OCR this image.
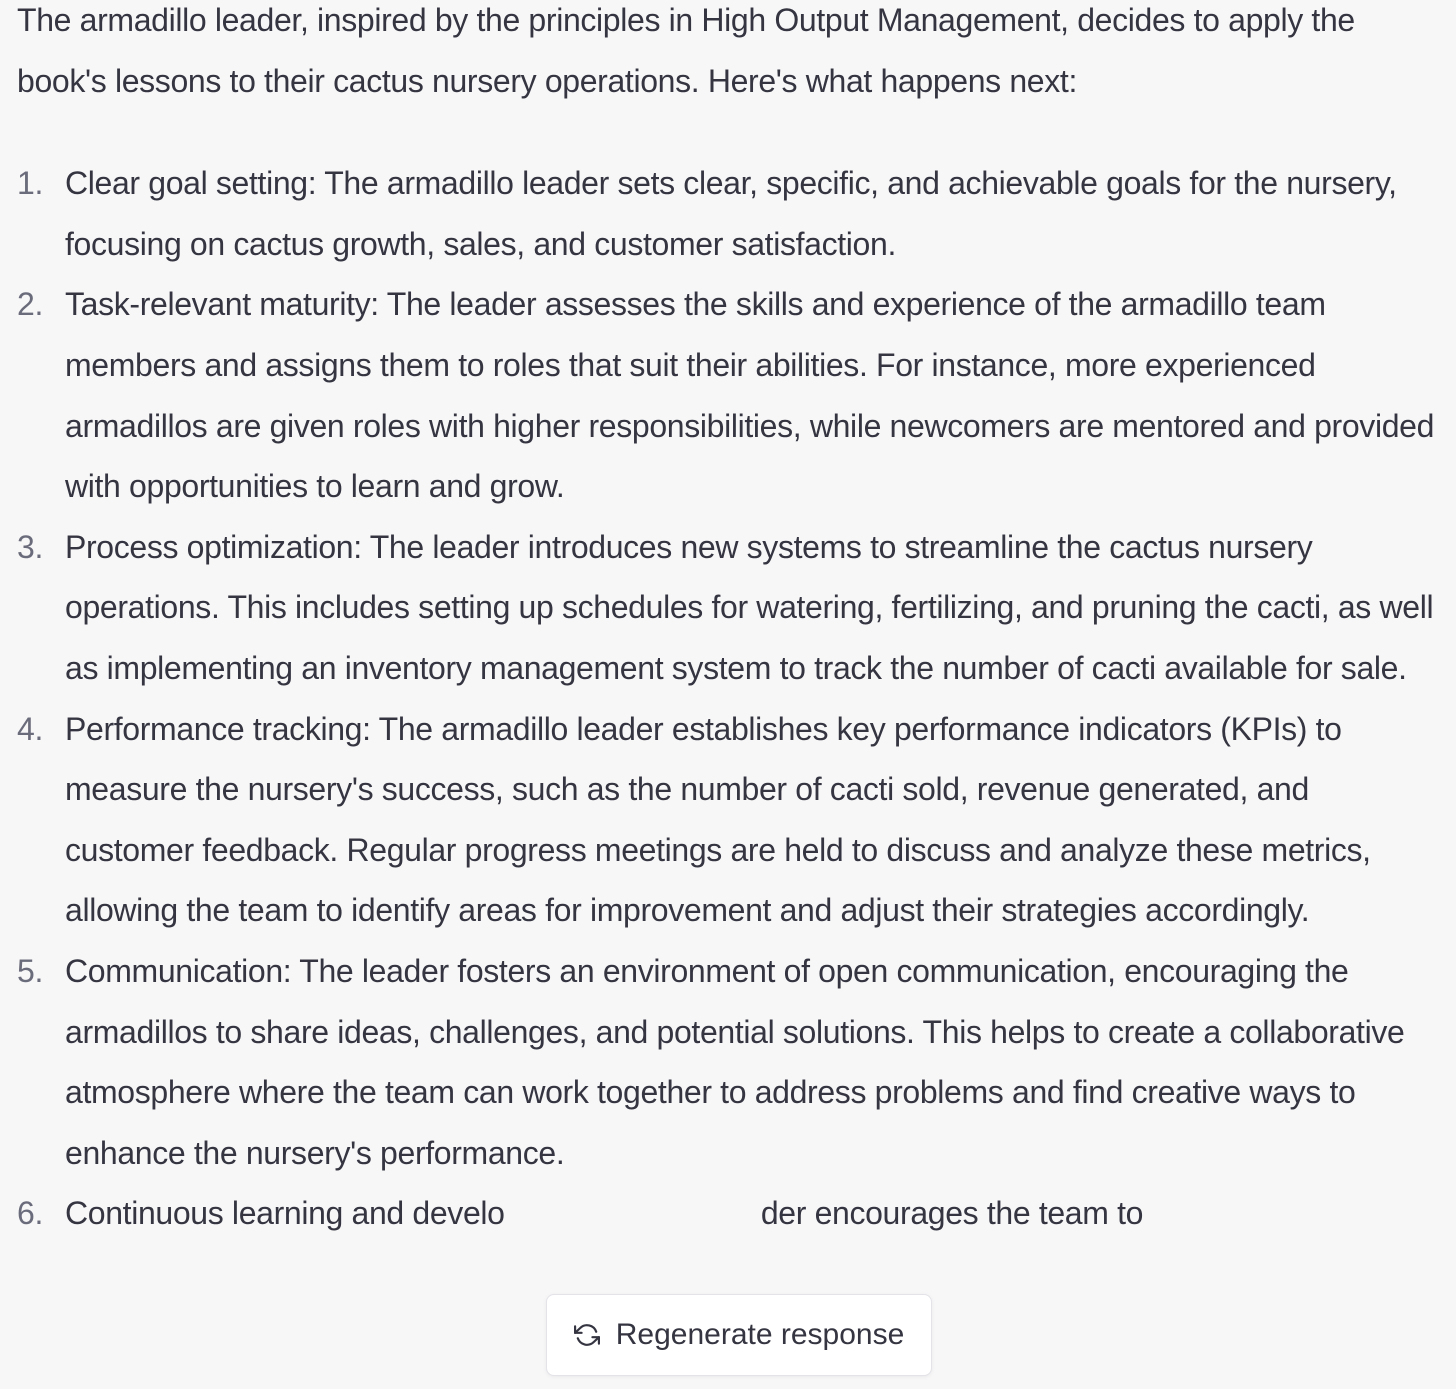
The armadillo leader, inspired by the principles in High Output Management, decides to apply the book's lessons to their cactus nursery operations. Here's what happens next:

1. Clear goal setting: The armadillo leader sets clear, specific, and achievable goals for the nursery, focusing on cactus growth, sales, and customer satisfaction.
2. Task-relevant maturity: The leader assesses the skills and experience of the armadillo team members and assigns them to roles that suit their abilities. For instance, more experienced armadillos are given roles with higher responsibilities, while newcomers are mentored and provided with opportunities to learn and grow.
3. Process optimization: The leader introduces new systems to streamline the cactus nursery operations. This includes setting up schedules for watering, fertilizing, and pruning the cacti, as well as implementing an inventory management system to track the number of cacti available for sale.
4. Performance tracking: The armadillo leader establishes key performance indicators (KPIs) to measure the nursery's success, such as the number of cacti sold, revenue generated, and customer feedback. Regular progress meetings are held to discuss and analyze these metrics, allowing the team to identify areas for improvement and adjust their strategies accordingly.
5. Communication: The leader fosters an environment of open communication, encouraging the armadillos to share ideas, challenges, and potential solutions. This helps to create a collaborative atmosphere where the team can work together to address problems and find creative ways to enhance the nursery's performance.
6. Continuous learning and develo                              der encourages the team to
Regenerate response
